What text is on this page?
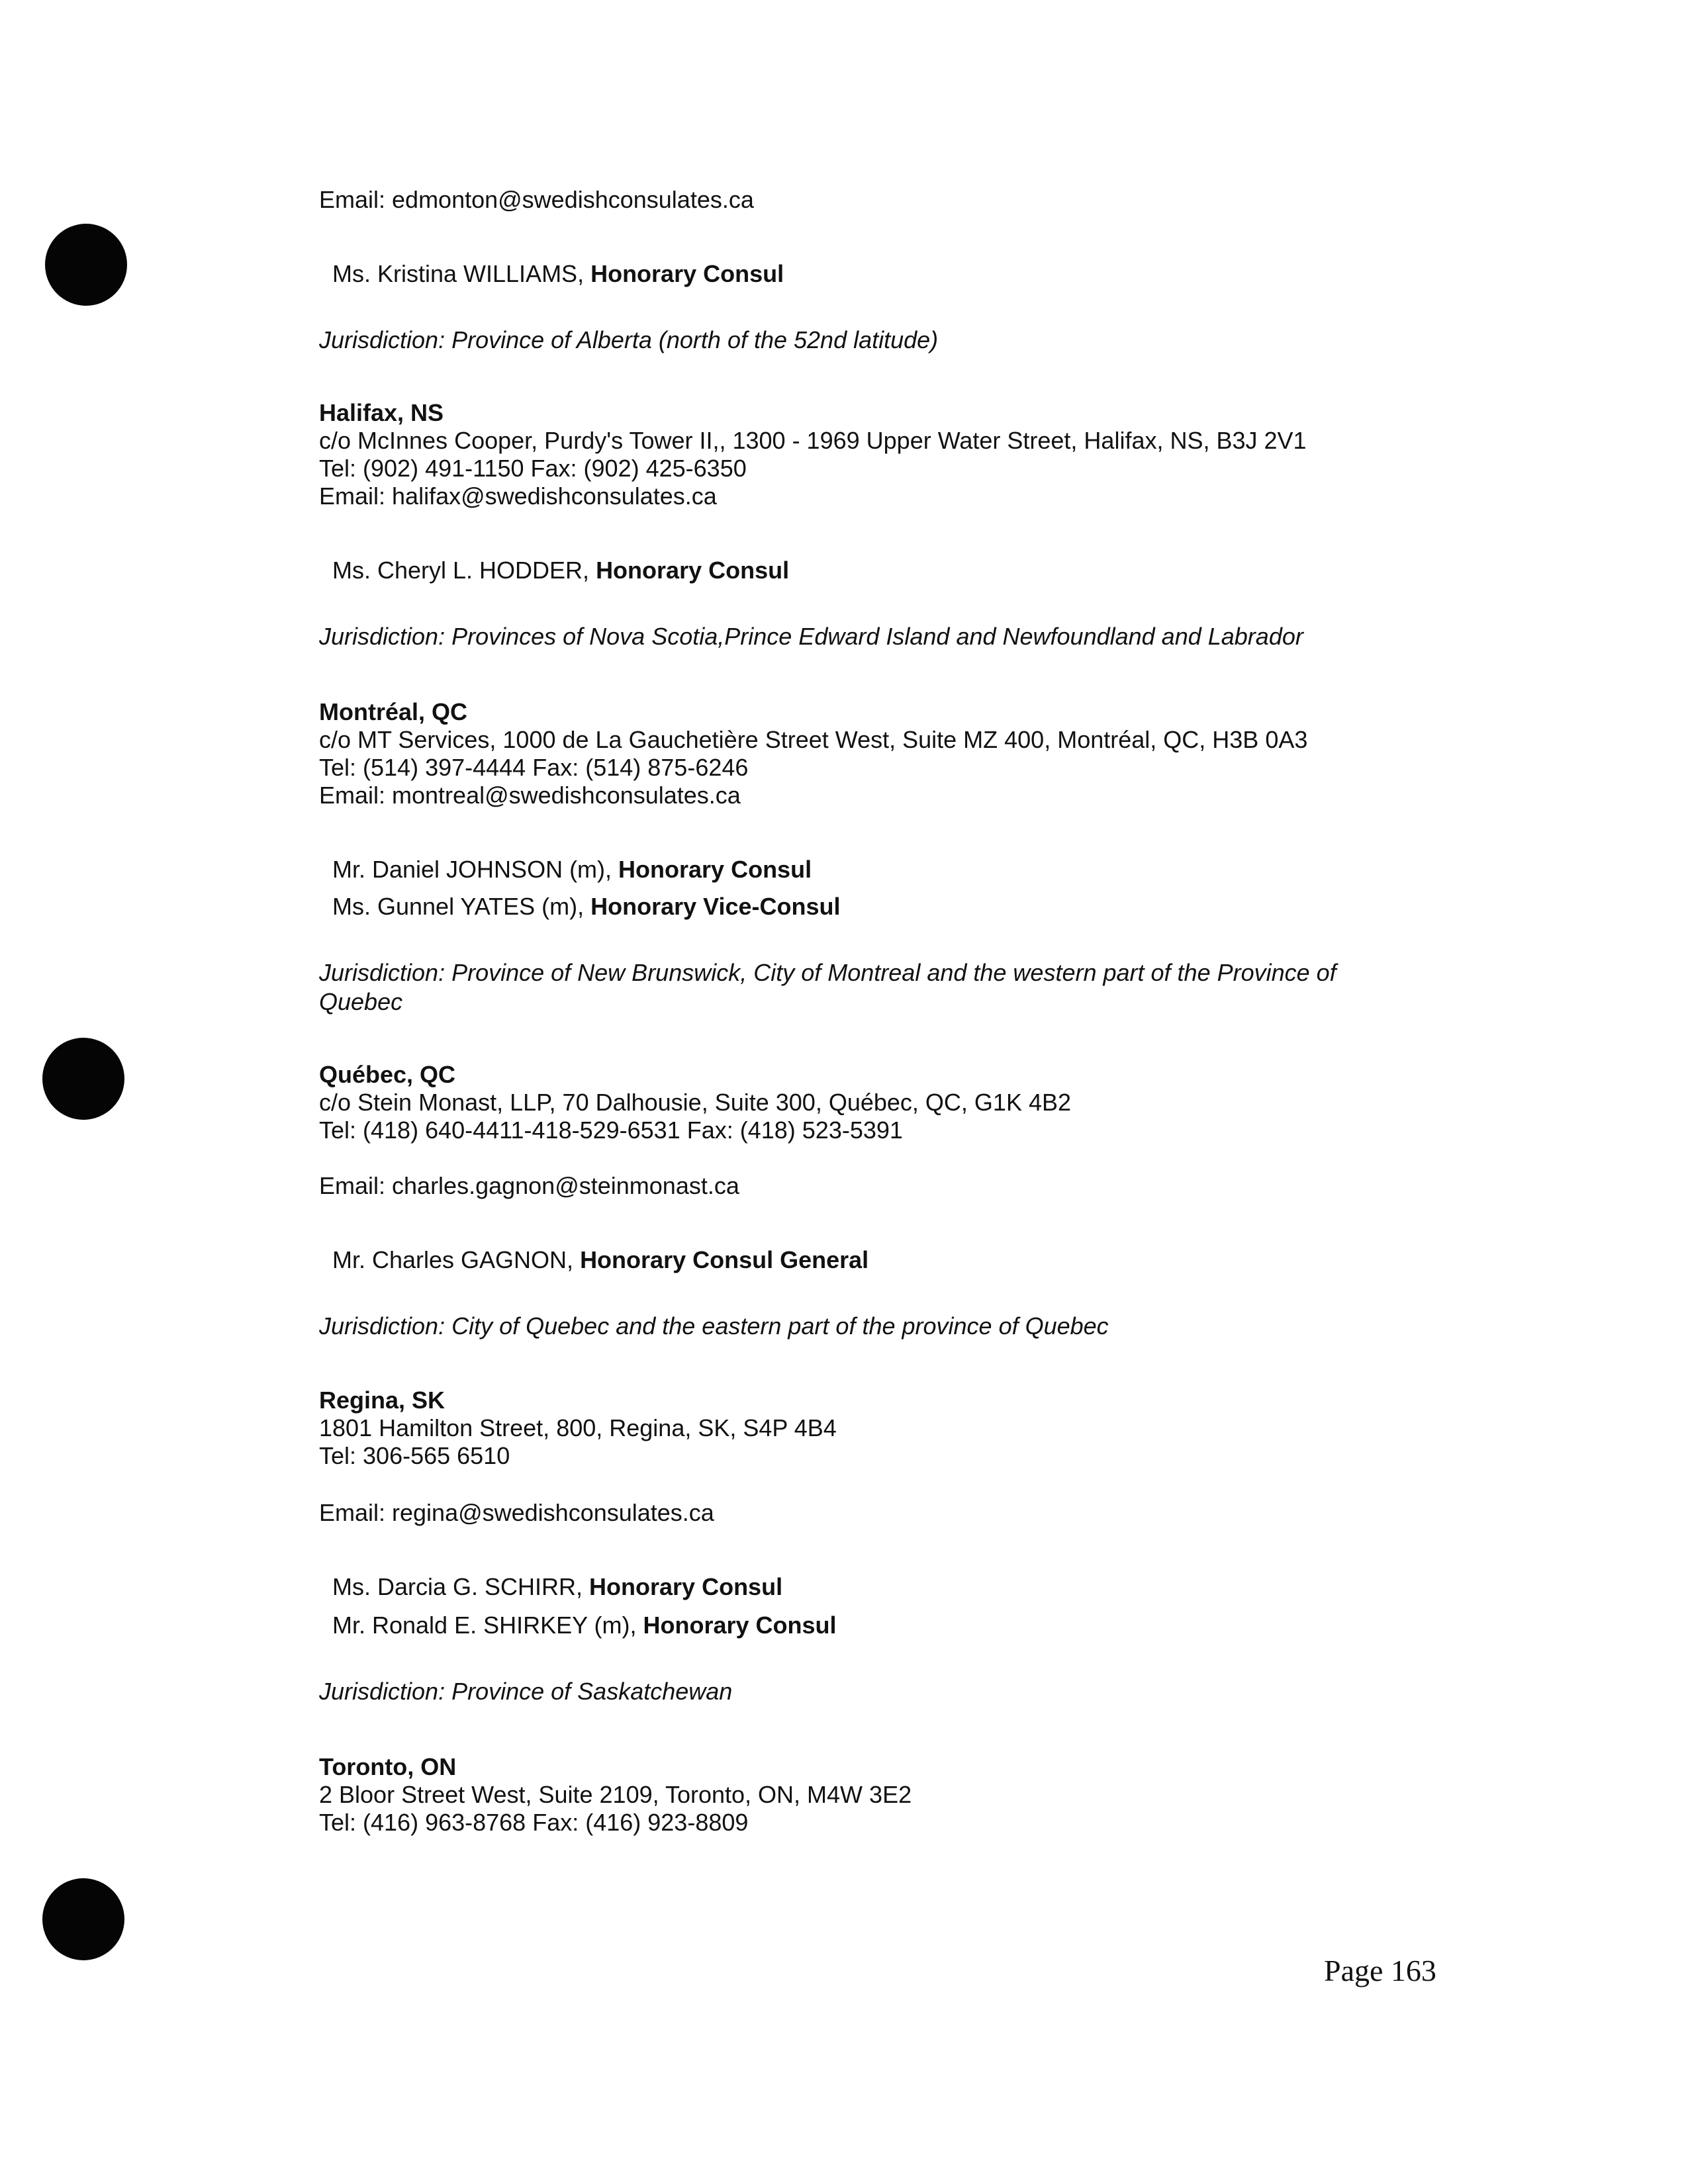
Email: edmonton@swedishconsulates.ca
Ms. Kristina WILLIAMS, Honorary Consul
Jurisdiction: Province of Alberta (north of the 52nd latitude)
Halifax, NS
c/o McInnes Cooper, Purdy's Tower II,, 1300 - 1969 Upper Water Street, Halifax, NS, B3J 2V1
Tel: (902) 491-1150 Fax: (902) 425-6350
Email: halifax@swedishconsulates.ca
Ms. Cheryl L. HODDER, Honorary Consul
Jurisdiction: Provinces of Nova Scotia,Prince Edward Island and Newfoundland and Labrador
Montréal, QC
c/o MT Services, 1000 de La Gauchetière Street West, Suite MZ 400, Montréal, QC, H3B 0A3
Tel: (514) 397-4444 Fax: (514) 875-6246
Email: montreal@swedishconsulates.ca
Mr. Daniel JOHNSON (m), Honorary Consul
Ms. Gunnel YATES (m), Honorary Vice-Consul
Jurisdiction: Province of New Brunswick, City of Montreal and the western part of the Province of Quebec
Québec, QC
c/o Stein Monast, LLP, 70 Dalhousie, Suite 300, Québec, QC, G1K 4B2
Tel: (418) 640-4411-418-529-6531 Fax: (418) 523-5391
Email: charles.gagnon@steinmonast.ca
Mr. Charles GAGNON, Honorary Consul General
Jurisdiction: City of Quebec and the eastern part of the province of Quebec
Regina, SK
1801 Hamilton Street, 800, Regina, SK, S4P 4B4
Tel: 306-565 6510
Email: regina@swedishconsulates.ca
Ms. Darcia G. SCHIRR, Honorary Consul
Mr. Ronald E. SHIRKEY (m), Honorary Consul
Jurisdiction: Province of Saskatchewan
Toronto, ON
2 Bloor Street West, Suite 2109, Toronto, ON, M4W 3E2
Tel: (416) 963-8768 Fax: (416) 923-8809
Page 163
